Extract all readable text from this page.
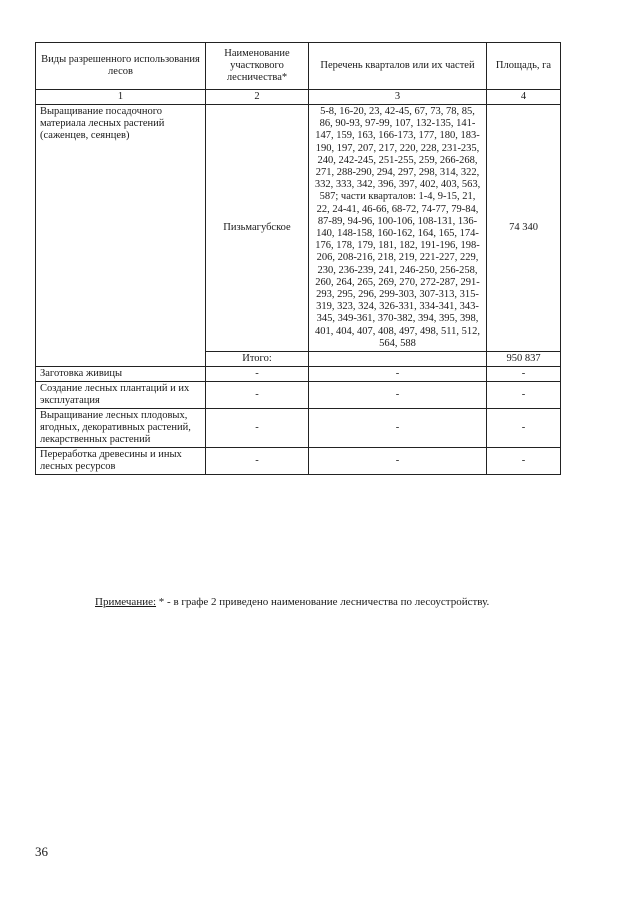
Виды разрешенного использования лесов	Наименование участкового лесничества*	Перечень кварталов или их частей	Площадь, га
1	2	3	4
Выращивание посадочного материала лесных растений (саженцев, сеянцев)	Пизьмагубское	5-8, 16-20, 23, 42-45, 67, 73, 78, 85, 86, 90-93, 97-99, 107, 132-135, 141-147, 159, 163, 166-173, 177, 180, 183-190, 197, 207, 217, 220, 228, 231-235, 240, 242-245, 251-255, 259, 266-268, 271, 288-290, 294, 297, 298, 314, 322, 332, 333, 342, 396, 397, 402, 403, 563, 587; части кварталов: 1-4, 9-15, 21, 22, 24-41, 46-66, 68-72, 74-77, 79-84, 87-89, 94-96, 100-106, 108-131, 136-140, 148-158, 160-162, 164, 165, 174-176, 178, 179, 181, 182, 191-196, 198-206, 208-216, 218, 219, 221-227, 229, 230, 236-239, 241, 246-250, 256-258, 260, 264, 265, 269, 270, 272-287, 291-293, 295, 296, 299-303, 307-313, 315-319, 323, 324, 326-331, 334-341, 343-345, 349-361, 370-382, 394, 395, 398, 401, 404, 407, 408, 497, 498, 511, 512, 564, 588	74 340
	Итого:		950 837
Заготовка живицы	-	-	-
Создание лесных плантаций и их эксплуатация	-	-	-
Выращивание лесных плодовых, ягодных, декоративных растений, лекарственных растений	-	-	-
Переработка древесины и иных лесных ресурсов	-	-	-
Примечание: * - в графе 2 приведено наименование лесничества по лесоустройству.
36
